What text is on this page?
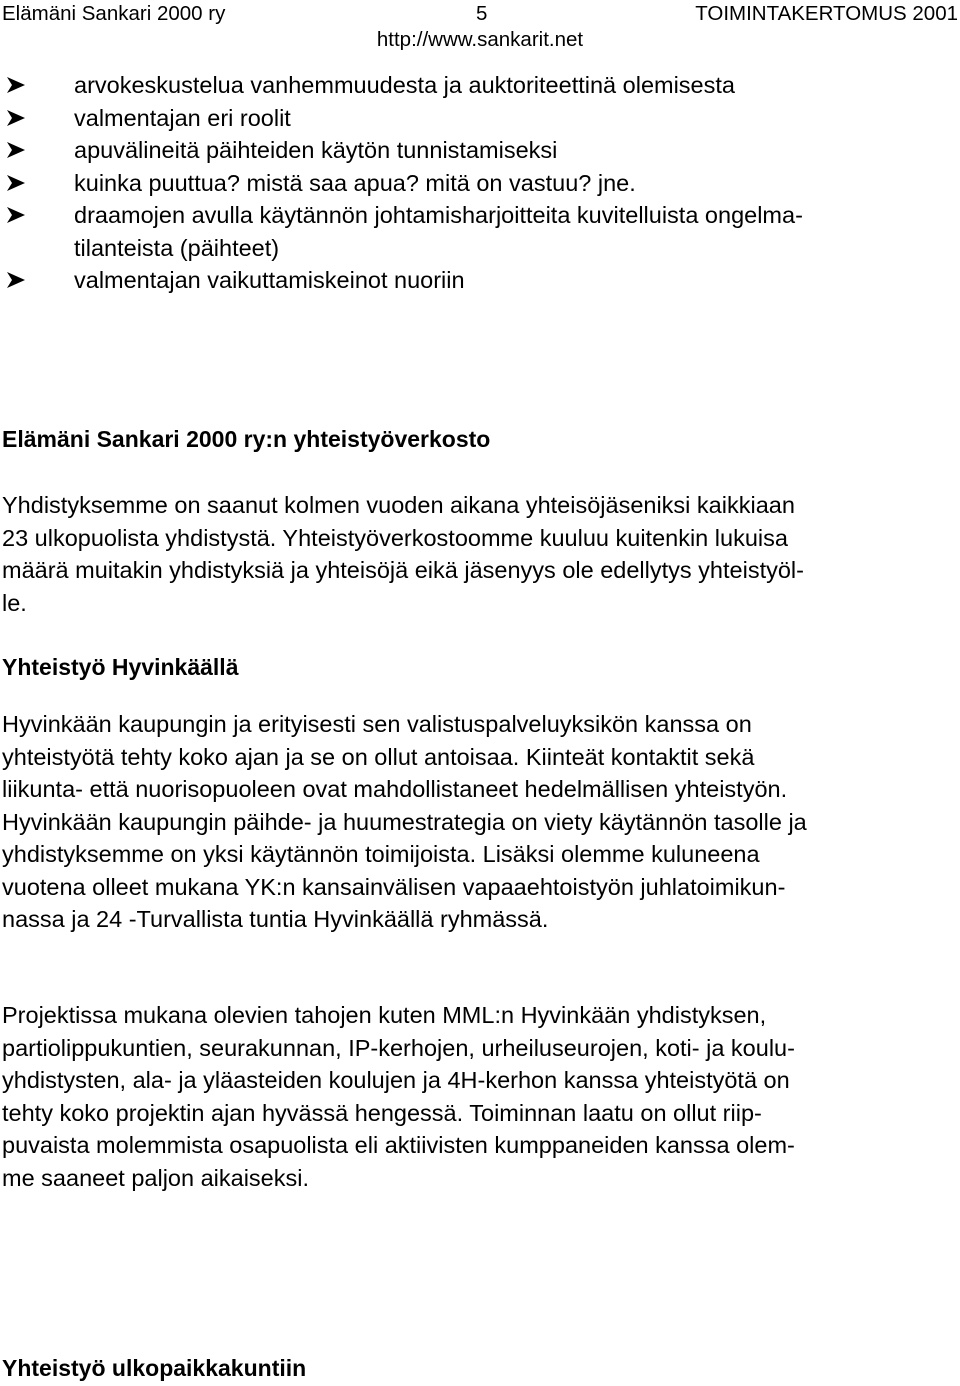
Elämäni Sankari 2000 ry	5	TOIMINTAKERTOMUS 2001
http://www.sankarit.net
arvokeskustelua vanhemmuudesta ja auktoriteettinä olemisesta
valmentajan eri roolit
apuvälineitä päihteiden käytön tunnistamiseksi
kuinka puuttua? mistä saa apua? mitä on vastuu? jne.
draamojen avulla käytännön johtamisharjoitteita kuvitelluista ongelma-
tilanteista (päihteet)
valmentajan vaikuttamiskeinot nuoriin
Elämäni Sankari 2000 ry:n yhteistyöverkosto

Yhdistyksemme on saanut kolmen vuoden aikana yhteisöjäseniksi kaikkiaan
23 ulkopuolista yhdistystä. Yhteistyöverkostoomme kuuluu kuitenkin lukuisa
määrä muitakin yhdistyksiä ja yhteisöjä eikä jäsenyys ole edellytys yhteistyöl-
le.

Yhteistyö Hyvinkäällä

Hyvinkään kaupungin ja erityisesti sen valistuspalveluyksikön kanssa on
yhteistyötä tehty koko ajan ja se on ollut antoisaa. Kiinteät kontaktit sekä
liikunta- että nuorisopuoleen ovat mahdollistaneet hedelmällisen yhteistyön.
Hyvinkään kaupungin päihde- ja huumestrategia on viety käytännön tasolle ja
yhdistyksemme on yksi käytännön toimijoista. Lisäksi olemme kuluneena
vuotena olleet mukana YK:n kansainvälisen vapaaehtoistyön juhlatoimikun-
nassa ja 24 -Turvallista tuntia Hyvinkäällä ryhmässä.

Projektissa mukana olevien tahojen kuten MML:n Hyvinkään yhdistyksen,
partiolippukuntien, seurakunnan, IP-kerhojen, urheiluseurojen, koti- ja koulu-
yhdistysten, ala- ja yläasteiden koulujen ja 4H-kerhon kanssa yhteistyötä on
tehty koko projektin ajan hyvässä hengessä. Toiminnan laatu on ollut riip-
puvaista molemmista osapuolista eli aktiivisten kumppaneiden kanssa olem-
me saaneet paljon aikaiseksi.

Yhteistyö ulkopaikkakuntiin
